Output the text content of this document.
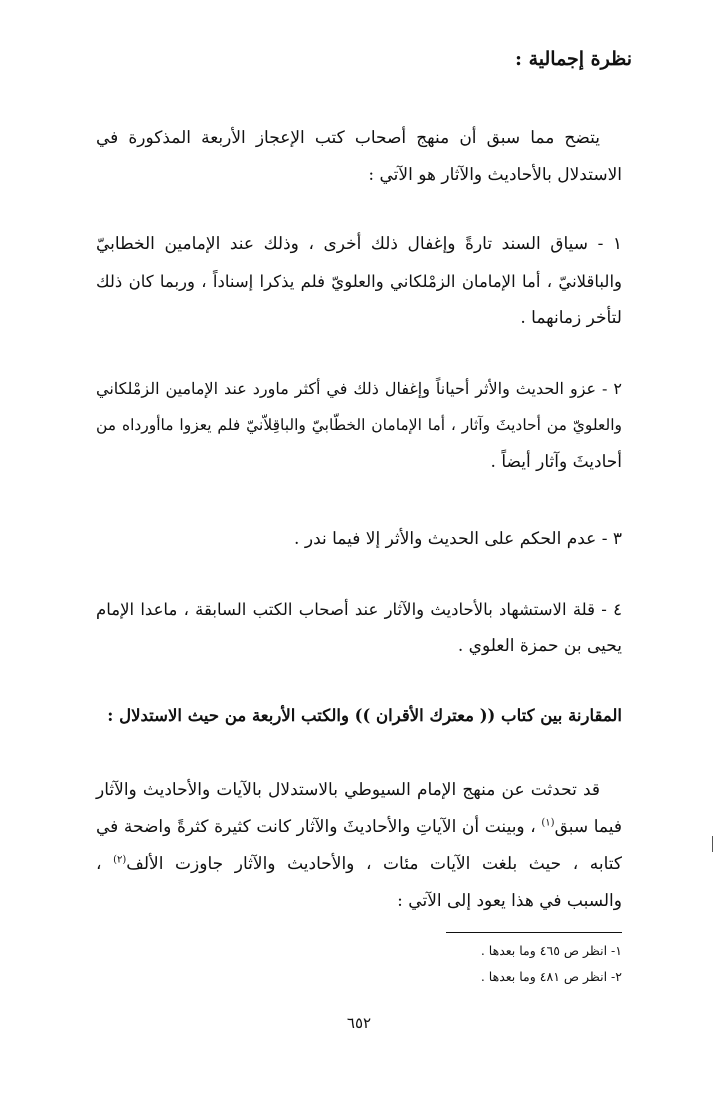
نظرة إجمالية :
يتضح مما سبق أن منهج أصحاب كتب الإعجاز الأربعة المذكورة في
الاستدلال بالأحاديث والآثار هو الآتي :
١ - سياق السند تارةً وإغفال ذلك أخرى ، وذلك عند الإمامين الخطابيّ
والباقلانيّ ، أما الإمامان الزمْلكاني والعلويّ فلم يذكرا إسناداً ، وربما كان ذلك
لتأخر زمانهما .
٢ - عزو الحديث والأثر أحياناً وإغفال ذلك في أكثر ماورد عند الإمامين الزمْلكاني
والعلويّ من أحاديثَ وآثار ، أما الإمامان الخطّابيّ والباقِلاّنيّ فلم يعزوا ماأورداه من
أحاديثَ وآثار أيضاً .
٣ - عدم الحكم على الحديث والأثر إلا فيما ندر .
٤ - قلة الاستشهاد بالأحاديث والآثار عند أصحاب الكتب السابقة ، ماعدا الإمام
يحيى بن حمزة العلوي .
المقارنة بين كتاب (( معترك الأقران )) والكتب الأربعة من حيث الاستدلال :
قد تحدثت عن منهج الإمام السيوطي بالاستدلال بالآيات والأحاديث والآثار
فيما سبق$^{(١)}$ ، وبينت أن الآياتِ والأحاديثَ والآثار كانت كثيرة كثرةً واضحة في
كتابه ، حيث بلغت الآيات مئات ، والأحاديث والآثار جاوزت الألف$^{(٢)}$ ،
والسبب في هذا يعود إلى الآتي :
١- انظر ص ٤٦٥ وما بعدها .
٢- انظر ص ٤٨١ وما بعدها .
٦٥٢
